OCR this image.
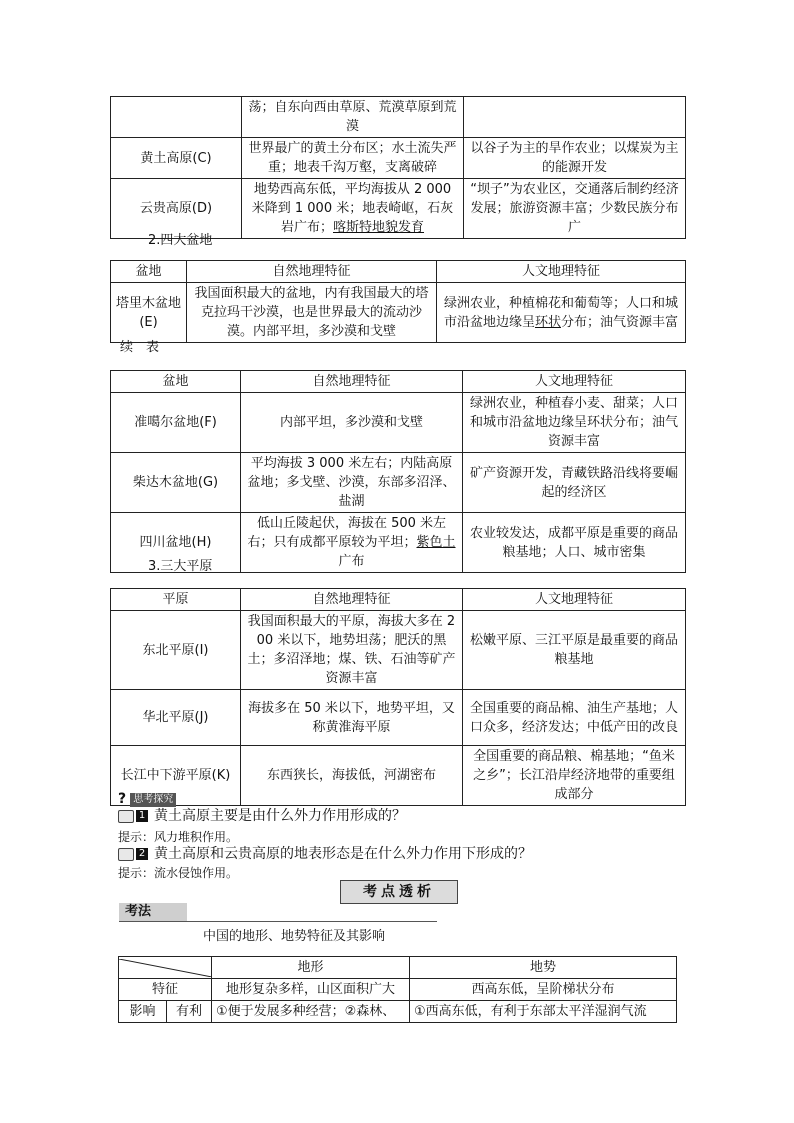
	荡；自东向西由草原、荒漠草原到荒漠	
黄土高原(C)	世界最广的黄土分布区；水土流失严重；地表千沟万壑，支离破碎	以谷子为主的旱作农业；以煤炭为主的能源开发
云贵高原(D)	地势西高东低，平均海拔从 2 000 米降到 1 000 米；地表崎岖，石灰岩广布；喀斯特地貌发育	“坝子”为农业区，交通落后制约经济发展；旅游资源丰富；少数民族分布广
2.四大盆地
盆地	自然地理特征	人文地理特征
塔里木盆地(E)	我国面积最大的盆地，内有我国最大的塔克拉玛干沙漠，也是世界最大的流动沙漠。内部平坦，多沙漠和戈壁	绿洲农业，种植棉花和葡萄等；人口和城市沿盆地边缘呈环状分布；油气资源丰富
续　表
盆地	自然地理特征	人文地理特征
准噶尔盆地(F)	内部平坦，多沙漠和戈壁	绿洲农业，种植春小麦、甜菜；人口和城市沿盆地边缘呈环状分布；油气资源丰富
柴达木盆地(G)	平均海拔 3 000 米左右；内陆高原盆地；多戈壁、沙漠，东部多沼泽、盐湖	矿产资源开发，青藏铁路沿线将要崛起的经济区
四川盆地(H)	低山丘陵起伏，海拔在 500 米左右；只有成都平原较为平坦；紫色土广布	农业较发达，成都平原是重要的商品粮基地；人口、城市密集
3.三大平原
平原	自然地理特征	人文地理特征
东北平原(I)	我国面积最大的平原，海拔大多在 200 米以下，地势坦荡；肥沃的黑土；多沼泽地；煤、铁、石油等矿产资源丰富	松嫩平原、三江平原是最重要的商品粮基地
华北平原(J)	海拔多在 50 米以下，地势平坦，又称黄淮海平原	全国重要的商品棉、油生产基地；人口众多，经济发达；中低产田的改良
长江中下游平原(K)	东西狭长，海拔低，河湖密布	全国重要的商品粮、棉基地；“鱼米之乡”；长江沿岸经济地带的重要组成部分
? 思考探究
1 黄土高原主要是由什么外力作用形成的？
提示：风力堆积作用。
2 黄土高原和云贵高原的地表形态是在什么外力作用下形成的？
提示：流水侵蚀作用。
考点透析
考法
中国的地形、地势特征及其影响
	地形	地势
特征		地形复杂多样，山区面积广大	西高东低，呈阶梯状分布
影响	有利	①便于发展多种经营；②森林、	①西高东低，有利于东部太平洋湿润气流
